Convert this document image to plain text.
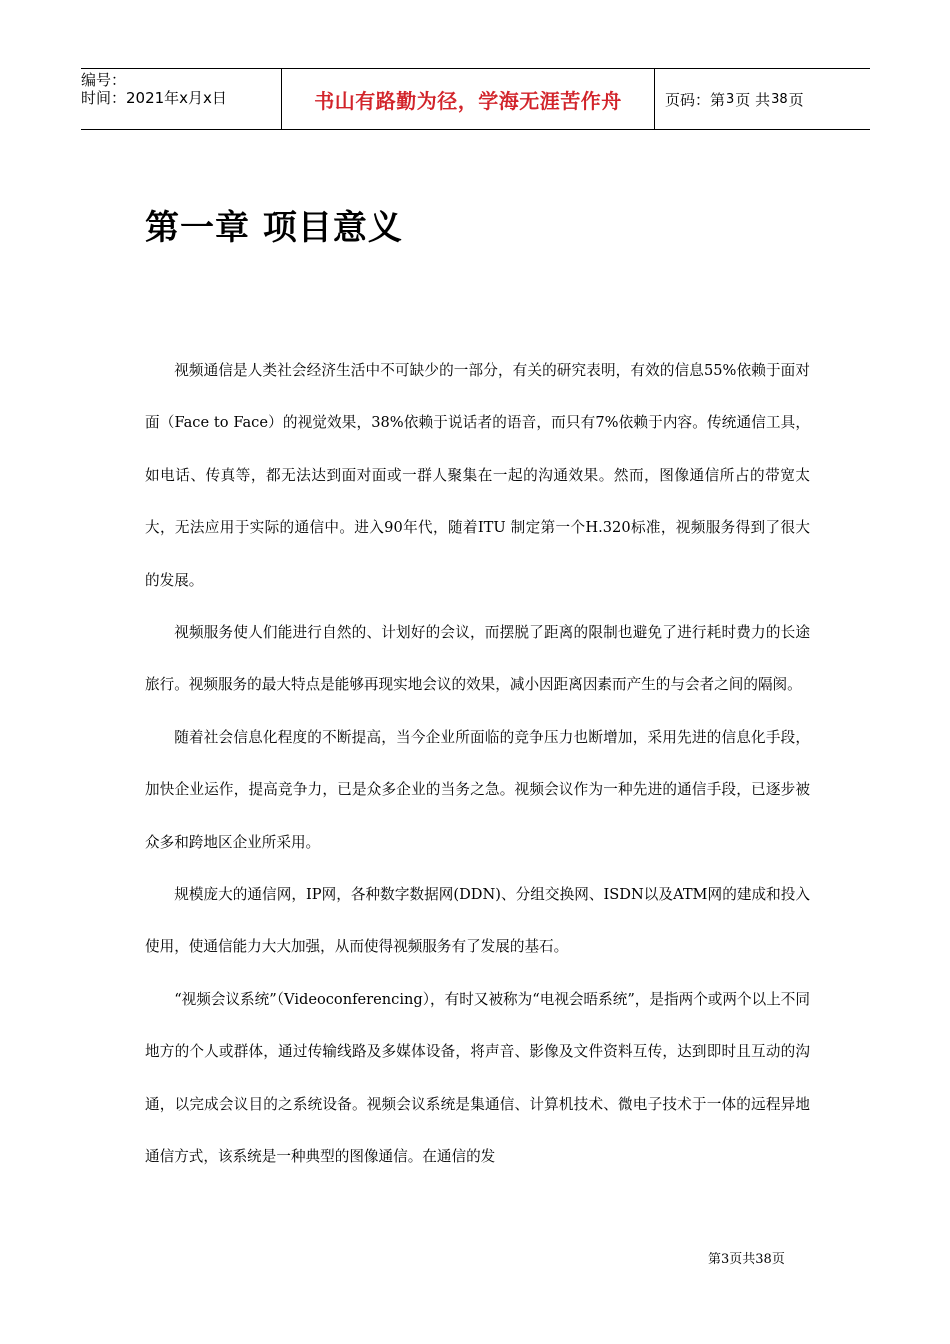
编号：
时间：2021年x月x日	书山有路勤为径，学海无涯苦作舟	页码：第 3 页 共 38 页
第一章 项目意义

视频通信是人类社会经济生活中不可缺少的一部分，有关的研究表明，有效的信息55%依赖于面对面（Face to Face）的视觉效果，38%依赖于说话者的语音，而只有7%依赖于内容。传统通信工具，如电话、传真等，都无法达到面对面或一群人聚集在一起的沟通效果。然而，图像通信所占的带宽太大，无法应用于实际的通信中。进入90年代，随着ITU 制定第一个H.320标准，视频服务得到了很大的发展。

视频服务使人们能进行自然的、计划好的会议，而摆脱了距离的限制也避免了进行耗时费力的长途旅行。视频服务的最大特点是能够再现实地会议的效果，减小因距离因素而产生的与会者之间的隔阂。

随着社会信息化程度的不断提高，当今企业所面临的竞争压力也断增加，采用先进的信息化手段，加快企业运作，提高竞争力，已是众多企业的当务之急。视频会议作为一种先进的通信手段，已逐步被众多和跨地区企业所采用。

规模庞大的通信网，IP网，各种数字数据网(DDN)、分组交换网、ISDN以及ATM网的建成和投入使用，使通信能力大大加强，从而使得视频服务有了发展的基石。

“视频会议系统”（Videoconferencing），有时又被称为“电视会晤系统”，是指两个或两个以上不同地方的个人或群体，通过传输线路及多媒体设备，将声音、影像及文件资料互传，达到即时且互动的沟通，以完成会议目的之系统设备。视频会议系统是集通信、计算机技术、微电子技术于一体的远程异地通信方式，该系统是一种典型的图像通信。在通信的发

第3页共38页
